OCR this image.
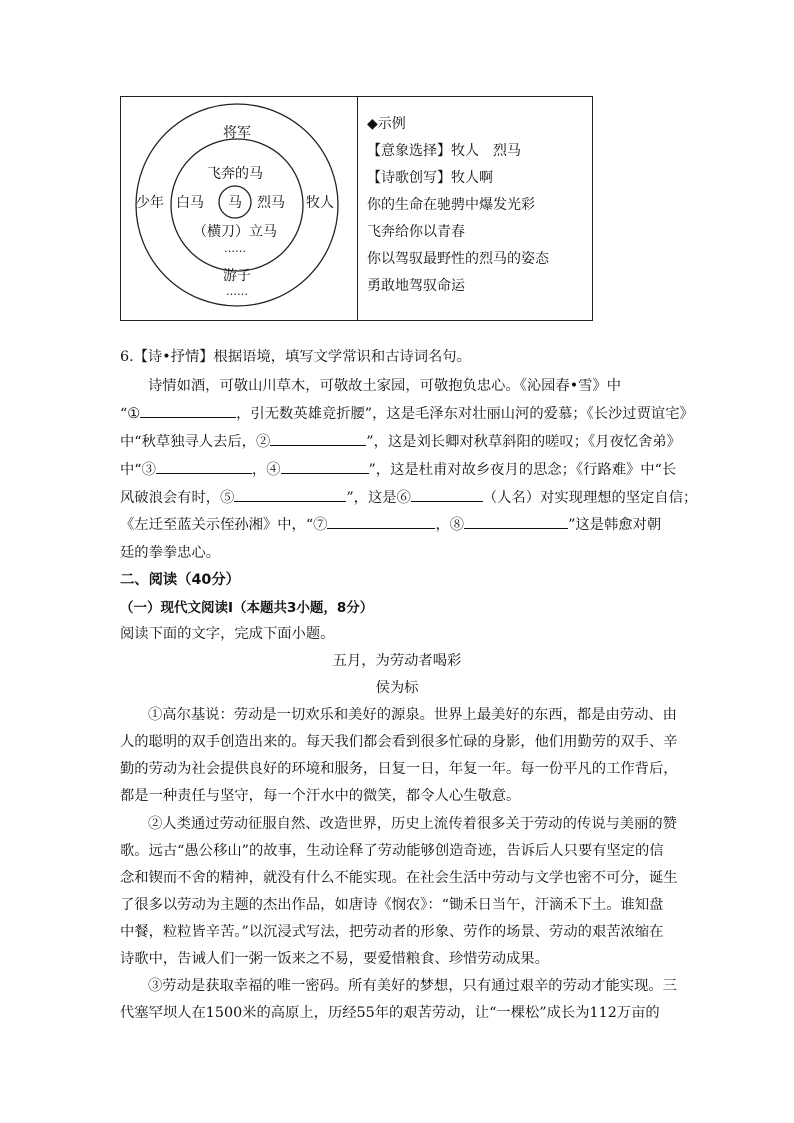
将军
少年	牧人
游子
……
飞奔的马
白马 马 烈马
（横刀）立马
……
◆示例
【意象选择】牧人　烈马
【诗歌创写】牧人啊
你的生命在驰骋中爆发光彩
飞奔给你以青春
你以驾驭最野性的烈马的姿态
勇敢地驾驭命运
6.【诗•抒情】根据语境，填写文学常识和古诗词名句。
诗情如酒，可敬山川草木，可敬故土家园，可敬抱负忠心。《沁园春•雪》中
“①	，引无数英雄竞折腰”，这是毛泽东对壮丽山河的爱慕；《长沙过贾谊宅》
中“秋草独寻人去后，②	”，这是刘长卿对秋草斜阳的嗟叹；《月夜忆舍弟》
中“③	，④	”，这是杜甫对故乡夜月的思念；《行路难》中“长
风破浪会有时，⑤	”，这是⑥	（人名）对实现理想的坚定自信；
《左迁至蓝关示侄孙湘》中，“⑦	，⑧	”这是韩愈对朝
廷的拳拳忠心。
二、阅读（40分）
（一）现代文阅读Ⅰ（本题共3小题，8分）
阅读下面的文字，完成下面小题。
五月，为劳动者喝彩
侯为标
①高尔基说：劳动是一切欢乐和美好的源泉。世界上最美好的东西，都是由劳动、由
人的聪明的双手创造出来的。每天我们都会看到很多忙碌的身影，他们用勤劳的双手、辛
勤的劳动为社会提供良好的环境和服务，日复一日，年复一年。每一份平凡的工作背后，
都是一种责任与坚守，每一个汗水中的微笑，都令人心生敬意。
②人类通过劳动征服自然、改造世界，历史上流传着很多关于劳动的传说与美丽的赞
歌。远古“愚公移山”的故事，生动诠释了劳动能够创造奇迹，告诉后人只要有坚定的信
念和锲而不舍的精神，就没有什么不能实现。在社会生活中劳动与文学也密不可分，诞生
了很多以劳动为主题的杰出作品，如唐诗《悯农》：“锄禾日当午，汗滴禾下土。谁知盘
中餐，粒粒皆辛苦。”以沉浸式写法，把劳动者的形象、劳作的场景、劳动的艰苦浓缩在
诗歌中，告诫人们一粥一饭来之不易，要爱惜粮食、珍惜劳动成果。
③劳动是获取幸福的唯一密码。所有美好的梦想，只有通过艰辛的劳动才能实现。三
代塞罕坝人在1500米的高原上，历经55年的艰苦劳动，让“一棵松”成长为112万亩的
